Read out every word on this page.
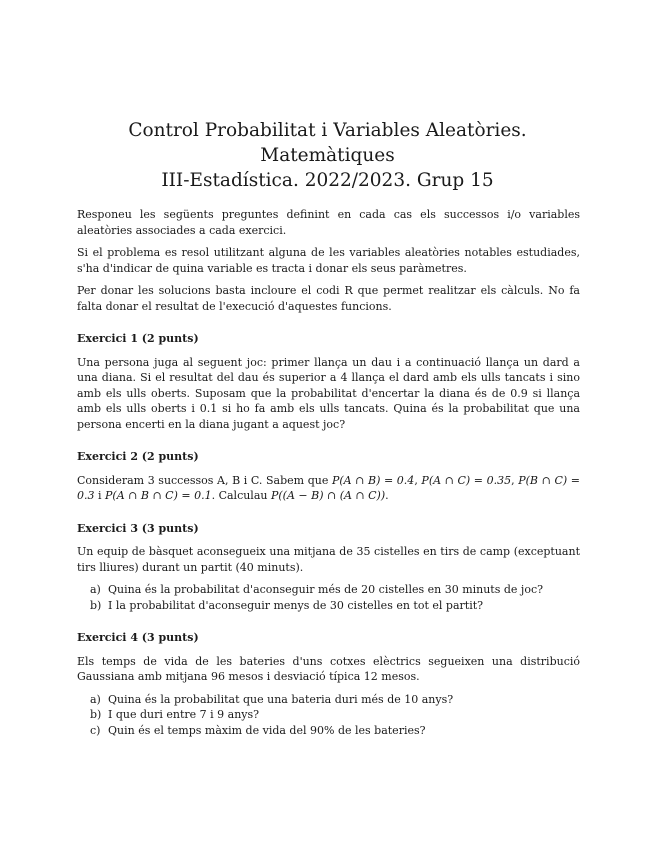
Control Probabilitat i Variables Aleatòries. Matemàtiques
III-Estadística. 2022/2023. Grup 15

Responeu les següents preguntes definint en cada cas els successos i/o variables aleatòries associades a cada exercici.

Si el problema es resol utilitzant alguna de les variables aleatòries notables estudiades, s'ha d'indicar de quina variable es tracta i donar els seus paràmetres.

Per donar les solucions basta incloure el codi R que permet realitzar els càlculs. No fa falta donar el resultat de l'execució d'aquestes funcions.

Exercici 1 (2 punts)

Una persona juga al seguent joc: primer llança un dau i a continuació llança un dard a una diana. Si el resultat del dau és superior a 4 llança el dard amb els ulls tancats i sino amb els ulls oberts. Suposam que la probabilitat d'encertar la diana és de 0.9 si llança amb els ulls oberts i 0.1 si ho fa amb els ulls tancats. Quina és la probabilitat que una persona encerti en la diana jugant a aquest joc?

Exercici 2 (2 punts)

Consideram 3 successos A, B i C. Sabem que P(A ∩ B) = 0.4, P(A ∩ C) = 0.35, P(B ∩ C) = 0.3 i P(A ∩ B ∩ C) = 0.1. Calculau P((A − B) ∩ (A ∩ C)).

Exercici 3 (3 punts)

Un equip de bàsquet aconsegueix una mitjana de 35 cistelles en tirs de camp (exceptuant tirs lliures) durant un partit (40 minuts).

a) Quina és la probabilitat d'aconseguir més de 20 cistelles en 30 minuts de joc?
b) I la probabilitat d'aconseguir menys de 30 cistelles en tot el partit?
Exercici 4 (3 punts)

Els temps de vida de les bateries d'uns cotxes elèctrics segueixen una distribució Gaussiana amb mitjana 96 mesos i desviació típica 12 mesos.

a) Quina és la probabilitat que una bateria duri més de 10 anys?
b) I que duri entre 7 i 9 anys?
c) Quin és el temps màxim de vida del 90% de les bateries?
